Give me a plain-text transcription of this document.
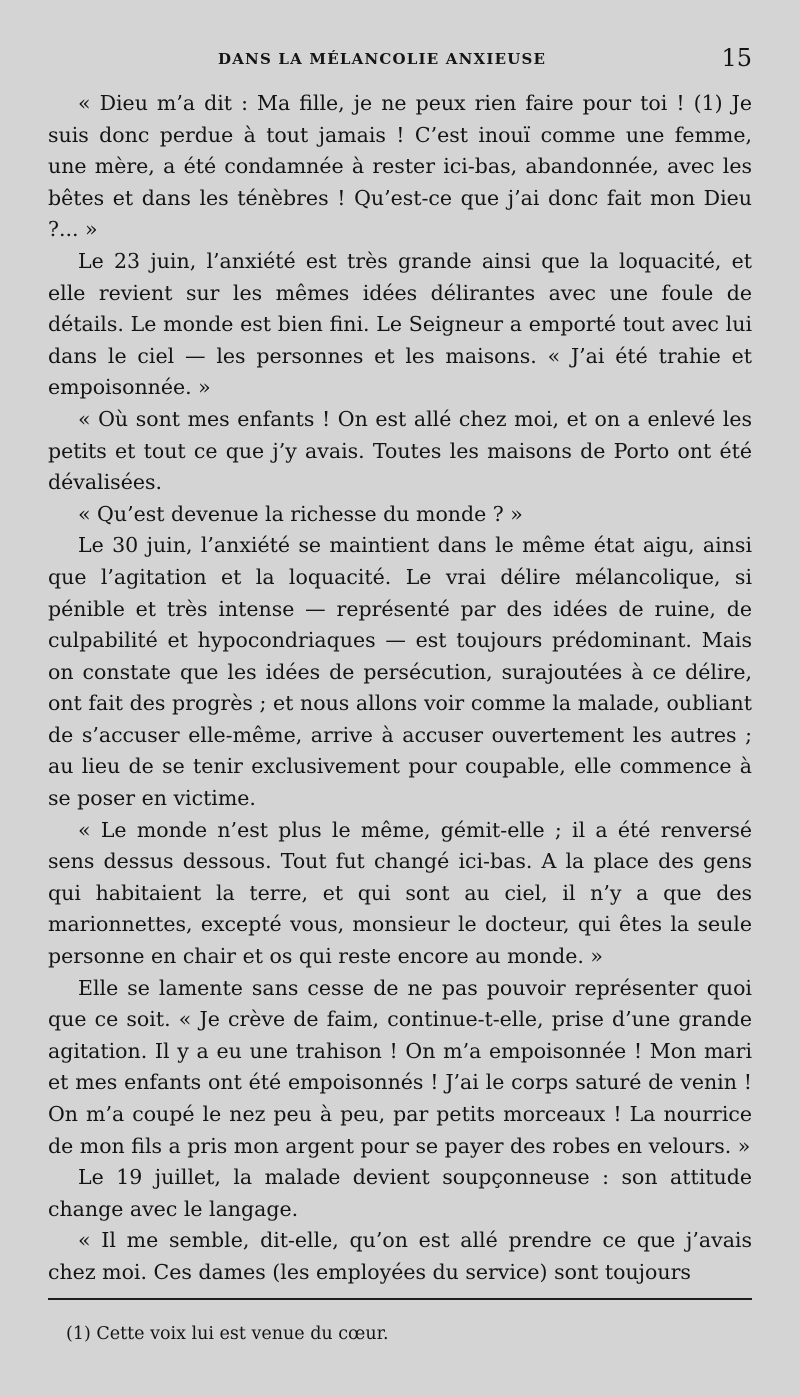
DANS LA MÉLANCOLIE ANXIEUSE	15

« Dieu m’a dit : Ma fille, je ne peux rien faire pour toi ! (1) Je suis donc perdue à tout jamais ! C’est inouï comme une femme, une mère, a été condamnée à rester ici-bas, abandonnée, avec les bêtes et dans les ténèbres ! Qu’est-ce que j’ai donc fait mon Dieu ?... »

Le 23 juin, l’anxiété est très grande ainsi que la loquacité, et elle revient sur les mêmes idées délirantes avec une foule de détails. Le monde est bien fini. Le Seigneur a emporté tout avec lui dans le ciel — les personnes et les maisons. « J’ai été trahie et empoisonnée. »

« Où sont mes enfants ! On est allé chez moi, et on a enlevé les petits et tout ce que j’y avais. Toutes les maisons de Porto ont été dévalisées.

« Qu’est devenue la richesse du monde ? »

Le 30 juin, l’anxiété se maintient dans le même état aigu, ainsi que l’agitation et la loquacité. Le vrai délire mélancolique, si pénible et très intense — représenté par des idées de ruine, de culpabilité et hypocondriaques — est toujours prédominant. Mais on constate que les idées de persécution, surajoutées à ce délire, ont fait des progrès ; et nous allons voir comme la malade, oubliant de s’accuser elle-même, arrive à accuser ouvertement les autres ; au lieu de se tenir exclusivement pour coupable, elle commence à se poser en victime.

« Le monde n’est plus le même, gémit-elle ; il a été renversé sens dessus dessous. Tout fut changé ici-bas. A la place des gens qui habitaient la terre, et qui sont au ciel, il n’y a que des marionnettes, excepté vous, monsieur le docteur, qui êtes la seule personne en chair et os qui reste encore au monde. »

Elle se lamente sans cesse de ne pas pouvoir représenter quoi que ce soit. « Je crève de faim, continue-t-elle, prise d’une grande agitation. Il y a eu une trahison ! On m’a empoisonnée ! Mon mari et mes enfants ont été empoisonnés ! J’ai le corps saturé de venin ! On m’a coupé le nez peu à peu, par petits morceaux ! La nourrice de mon fils a pris mon argent pour se payer des robes en velours. »

Le 19 juillet, la malade devient soupçonneuse : son attitude change avec le langage.

« Il me semble, dit-elle, qu’on est allé prendre ce que j’avais chez moi. Ces dames (les employées du service) sont toujours

(1) Cette voix lui est venue du cœur.
